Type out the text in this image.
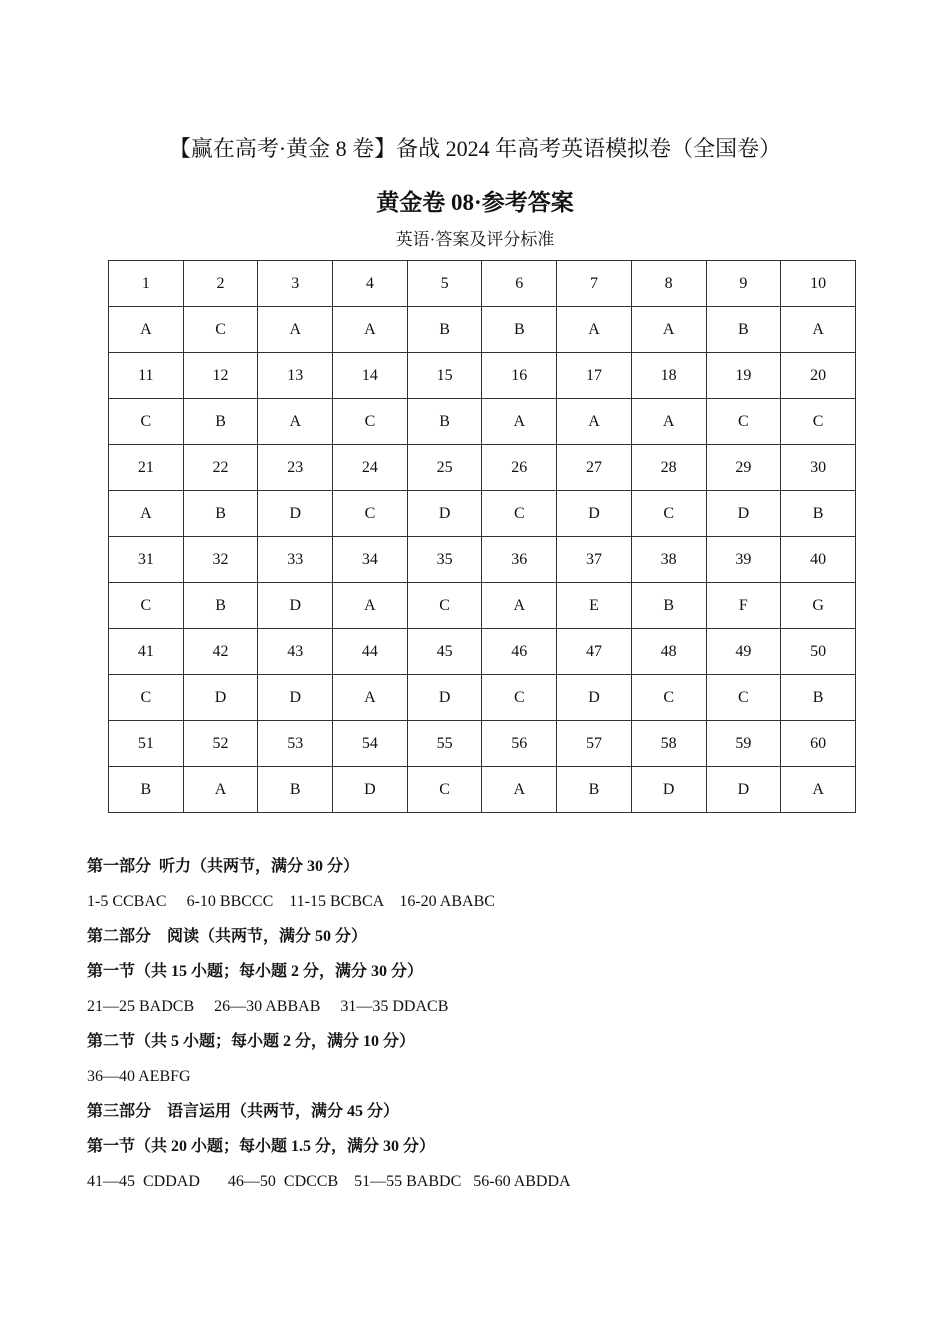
【赢在高考·黄金 8 卷】备战 2024 年高考英语模拟卷（全国卷）
黄金卷 08·参考答案
英语·答案及评分标准
1	2	3	4	5	6	7	8	9	10
A	C	A	A	B	B	A	A	B	A
11	12	13	14	15	16	17	18	19	20
C	B	A	C	B	A	A	A	C	C
21	22	23	24	25	26	27	28	29	30
A	B	D	C	D	C	D	C	D	B
31	32	33	34	35	36	37	38	39	40
C	B	D	A	C	A	E	B	F	G
41	42	43	44	45	46	47	48	49	50
C	D	D	A	D	C	D	C	C	B
51	52	53	54	55	56	57	58	59	60
B	A	B	D	C	A	B	D	D	A
第一部分  听力（共两节，满分 30 分）
1-5 CCBAC     6-10 BBCCC    11-15 BCBCA    16-20 ABABC
第二部分    阅读（共两节，满分 50 分）
第一节（共 15 小题；每小题 2 分，满分 30 分）
21—25 BADCB     26—30 ABBAB     31—35 DDACB
第二节（共 5 小题；每小题 2 分，满分 10 分）
36—40 AEBFG
第三部分    语言运用（共两节，满分 45 分）
第一节（共 20 小题；每小题 1.5 分，满分 30 分）
41—45  CDDAD       46—50  CDCCB    51—55 BABDC   56-60 ABDDA
